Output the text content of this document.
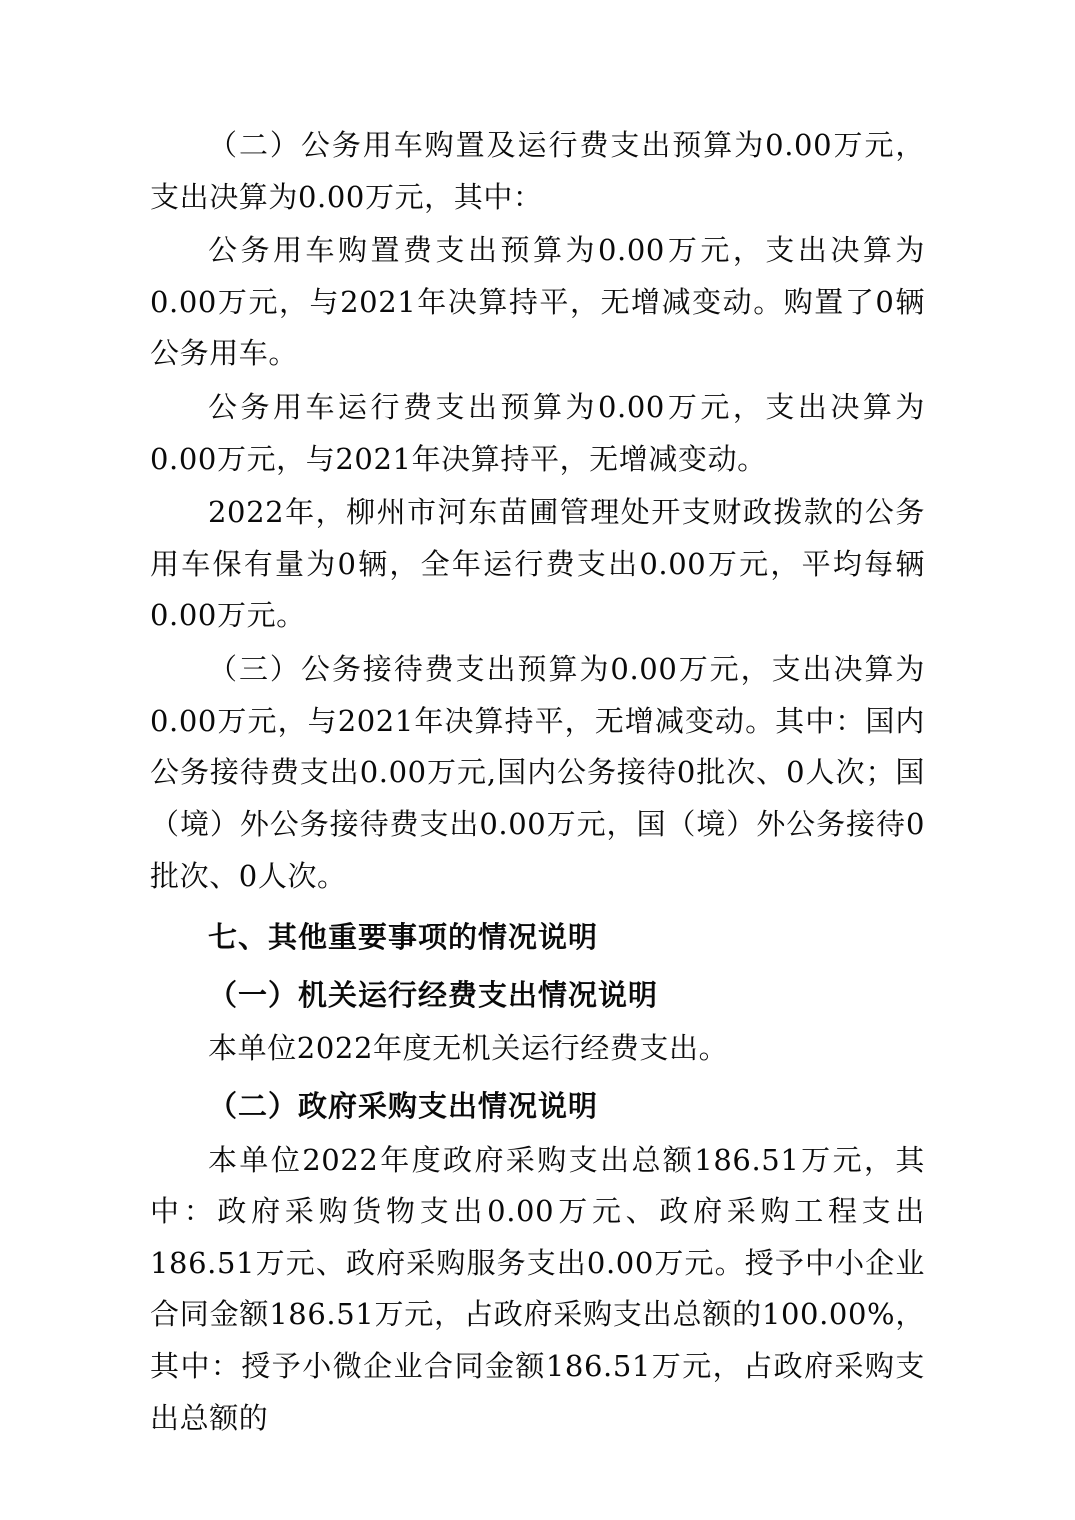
（二）公务用车购置及运行费支出预算为0.00万元，支出决算为0.00万元，其中：

公务用车购置费支出预算为0.00万元，支出决算为0.00万元，与2021年决算持平，无增减变动。购置了0辆公务用车。

公务用车运行费支出预算为0.00万元，支出决算为0.00万元，与2021年决算持平，无增减变动。

2022年，柳州市河东苗圃管理处开支财政拨款的公务用车保有量为0辆，全年运行费支出0.00万元，平均每辆0.00万元。

（三）公务接待费支出预算为0.00万元，支出决算为0.00万元，与2021年决算持平，无增减变动。其中：国内公务接待费支出0.00万元,国内公务接待0批次、0人次；国（境）外公务接待费支出0.00万元，国（境）外公务接待0批次、0人次。

七、其他重要事项的情况说明

（一）机关运行经费支出情况说明

本单位2022年度无机关运行经费支出。

（二）政府采购支出情况说明

本单位2022年度政府采购支出总额186.51万元，其中：政府采购货物支出0.00万元、政府采购工程支出186.51万元、政府采购服务支出0.00万元。授予中小企业合同金额186.51万元，占政府采购支出总额的100.00%，其中：授予小微企业合同金额186.51万元，占政府采购支出总额的
